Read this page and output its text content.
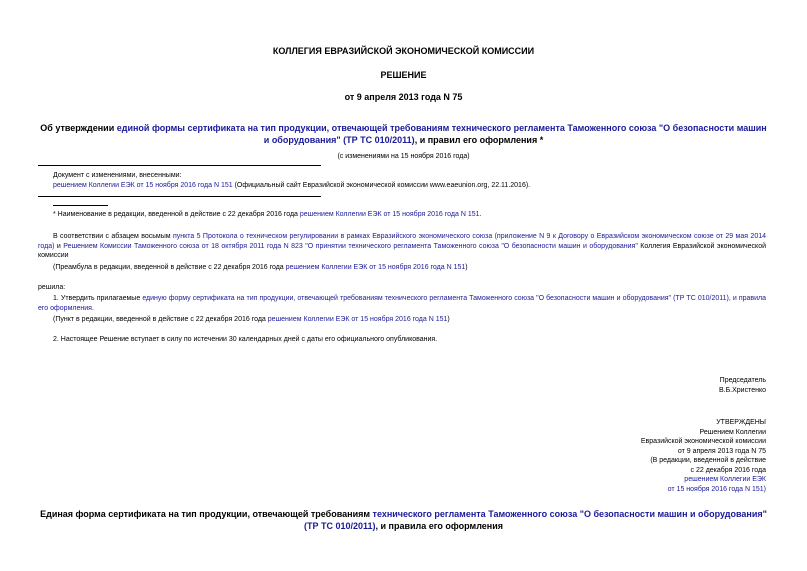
КОЛЛЕГИЯ ЕВРАЗИЙСКОЙ ЭКОНОМИЧЕСКОЙ КОМИССИИ
РЕШЕНИЕ
от 9 апреля 2013 года N 75
Об утверждении единой формы сертификата на тип продукции, отвечающей требованиям технического регламента Таможенного союза "О безопасности машин и оборудования" (ТР ТС 010/2011), и правил его оформления *
(с изменениями на 15 ноября 2016 года)
Документ с изменениями, внесенными:
решением Коллегии ЕЭК от 15 ноября 2016 года N 151 (Официальный сайт Евразийской экономической комиссии www.eaeunion.org, 22.11.2016).
* Наименование в редакции, введенной в действие с 22 декабря 2016 года решением Коллегии ЕЭК от 15 ноября 2016 года N 151.
В соответствии с абзацем восьмым пункта 5 Протокола о техническом регулировании в рамках Евразийского экономического союза (приложение N 9 к Договору о Евразийском экономическом союзе от 29 мая 2014 года) и Решением Комиссии Таможенного союза от 18 октября 2011 года N 823 "О принятии технического регламента Таможенного союза "О безопасности машин и оборудования" Коллегия Евразийской экономической комиссии
(Преамбула в редакции, введенной в действие с 22 декабря 2016 года решением Коллегии ЕЭК от 15 ноября 2016 года N 151)
решила:
1. Утвердить прилагаемые единую форму сертификата на тип продукции, отвечающей требованиям технического регламента Таможенного союза "О безопасности машин и оборудования" (ТР ТС 010/2011), и правила его оформления.
(Пункт в редакции, введенной в действие с 22 декабря 2016 года решением Коллегии ЕЭК от 15 ноября 2016 года N 151)
2. Настоящее Решение вступает в силу по истечении 30 календарных дней с даты его официального опубликования.
Председатель
В.Б.Христенко
УТВЕРЖДЕНЫ
Решением Коллегии
Евразийской экономической комиссии
от 9 апреля 2013 года N 75
(В редакции, введенной в действие
с 22 декабря 2016 года
решением Коллегии ЕЭК
от 15 ноября 2016 года N 151)
Единая форма сертификата на тип продукции, отвечающей требованиям технического регламента Таможенного союза "О безопасности машин и оборудования" (ТР ТС 010/2011), и правила его оформления
